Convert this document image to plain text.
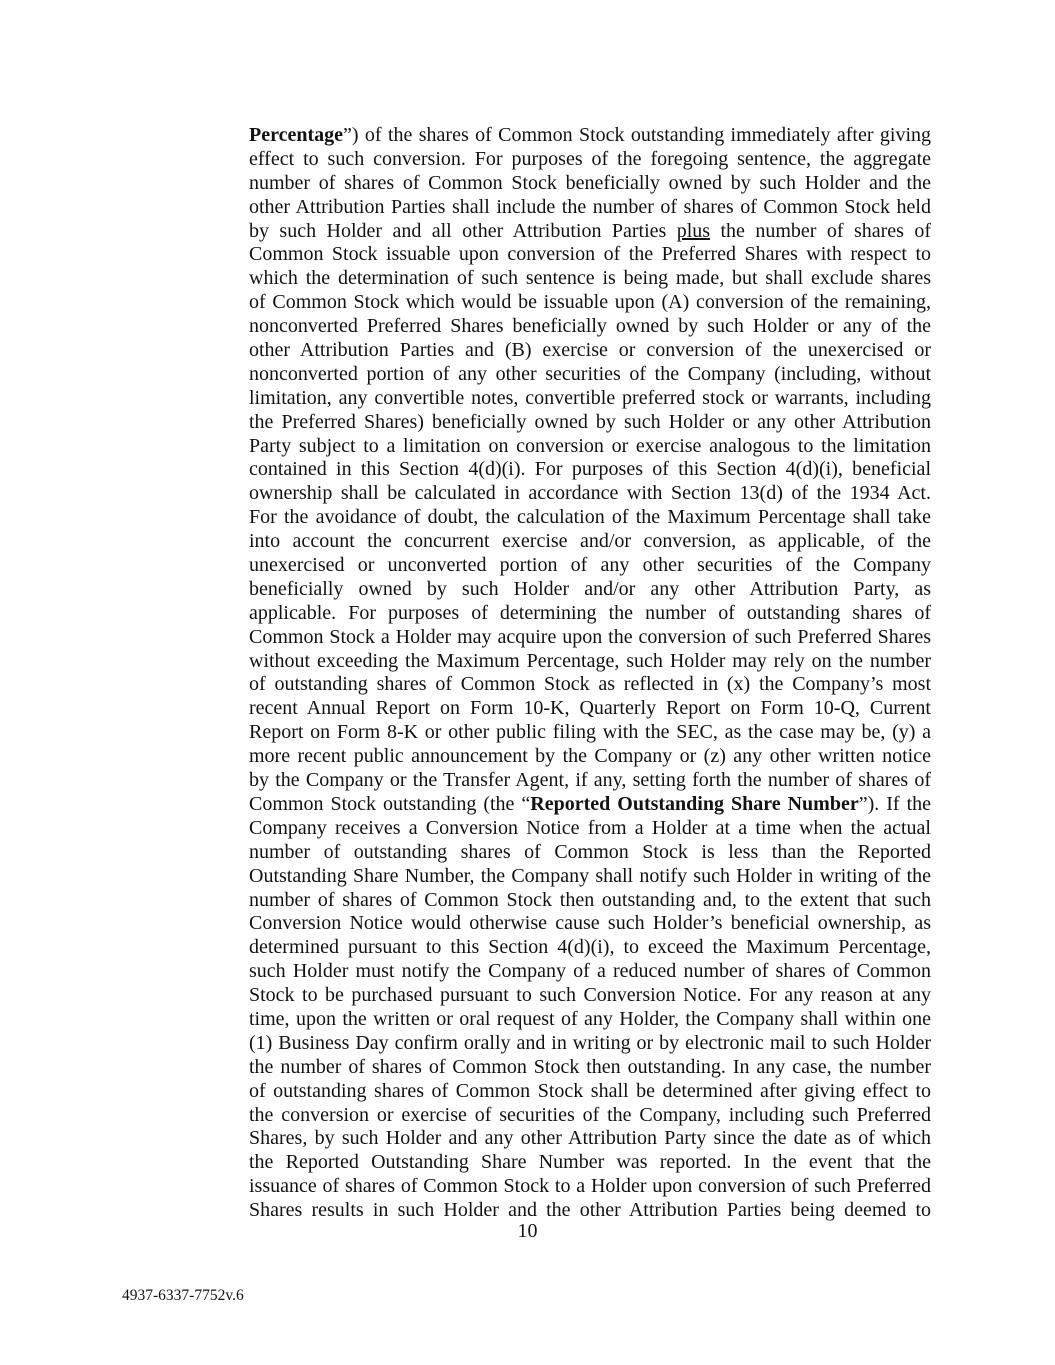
Percentage”) of the shares of Common Stock outstanding immediately after giving
effect to such conversion. For purposes of the foregoing sentence, the aggregate
number of shares of Common Stock beneficially owned by such Holder and the
other Attribution Parties shall include the number of shares of Common Stock held
by such Holder and all other Attribution Parties plus the number of shares of
Common Stock issuable upon conversion of the Preferred Shares with respect to
which the determination of such sentence is being made, but shall exclude shares
of Common Stock which would be issuable upon (A) conversion of the remaining,
nonconverted Preferred Shares beneficially owned by such Holder or any of the
other Attribution Parties and (B) exercise or conversion of the unexercised or
nonconverted portion of any other securities of the Company (including, without
limitation, any convertible notes, convertible preferred stock or warrants, including
the Preferred Shares) beneficially owned by such Holder or any other Attribution
Party subject to a limitation on conversion or exercise analogous to the limitation
contained in this Section 4(d)(i). For purposes of this Section 4(d)(i), beneficial
ownership shall be calculated in accordance with Section 13(d) of the 1934 Act.
For the avoidance of doubt, the calculation of the Maximum Percentage shall take
into account the concurrent exercise and/or conversion, as applicable, of the
unexercised or unconverted portion of any other securities of the Company
beneficially owned by such Holder and/or any other Attribution Party, as
applicable. For purposes of determining the number of outstanding shares of
Common Stock a Holder may acquire upon the conversion of such Preferred Shares
without exceeding the Maximum Percentage, such Holder may rely on the number
of outstanding shares of Common Stock as reflected in (x) the Company’s most
recent Annual Report on Form 10-K, Quarterly Report on Form 10-Q, Current
Report on Form 8-K or other public filing with the SEC, as the case may be, (y) a
more recent public announcement by the Company or (z) any other written notice
by the Company or the Transfer Agent, if any, setting forth the number of shares of
Common Stock outstanding (the “Reported Outstanding Share Number”). If the
Company receives a Conversion Notice from a Holder at a time when the actual
number of outstanding shares of Common Stock is less than the Reported
Outstanding Share Number, the Company shall notify such Holder in writing of the
number of shares of Common Stock then outstanding and, to the extent that such
Conversion Notice would otherwise cause such Holder’s beneficial ownership, as
determined pursuant to this Section 4(d)(i), to exceed the Maximum Percentage,
such Holder must notify the Company of a reduced number of shares of Common
Stock to be purchased pursuant to such Conversion Notice. For any reason at any
time, upon the written or oral request of any Holder, the Company shall within one
(1) Business Day confirm orally and in writing or by electronic mail to such Holder
the number of shares of Common Stock then outstanding. In any case, the number
of outstanding shares of Common Stock shall be determined after giving effect to
the conversion or exercise of securities of the Company, including such Preferred
Shares, by such Holder and any other Attribution Party since the date as of which
the Reported Outstanding Share Number was reported. In the event that the
issuance of shares of Common Stock to a Holder upon conversion of such Preferred
Shares results in such Holder and the other Attribution Parties being deemed to
10
4937-6337-7752v.6
